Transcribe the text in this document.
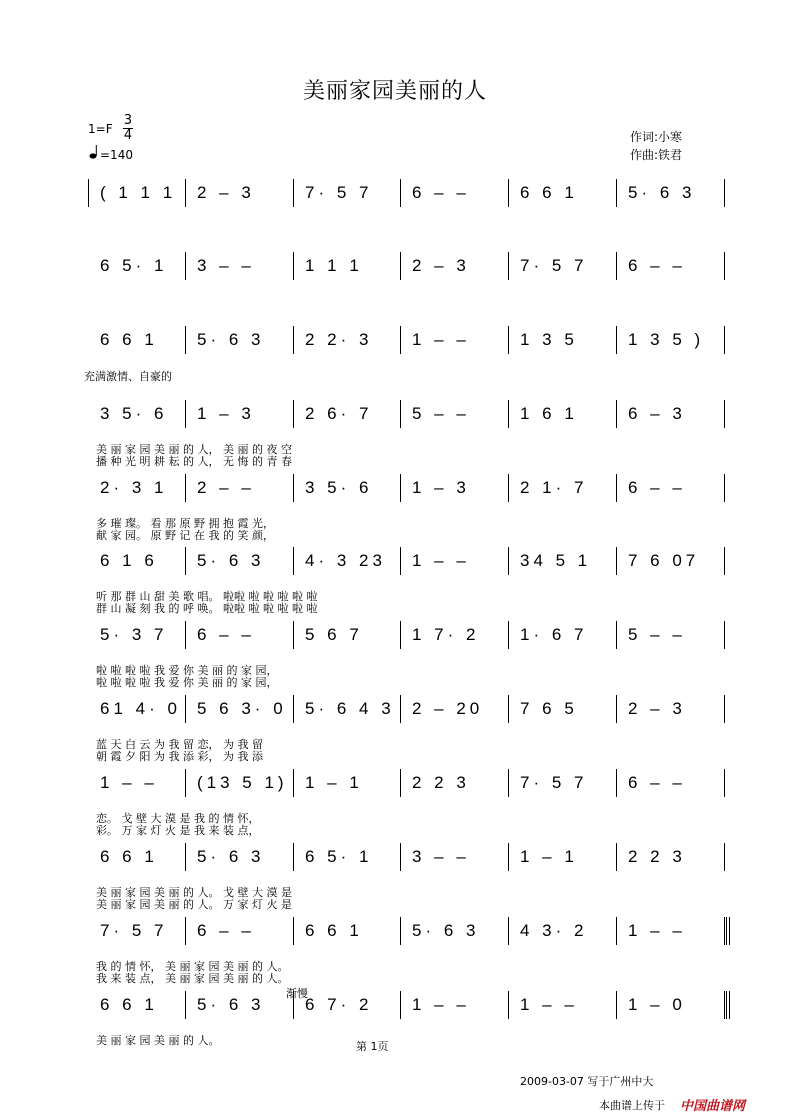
美丽家园美丽的人
1=F
3
4
=140
作词:小寒
作曲:铁君
充满激情、自豪的
( 1 1 1	2 – 3	7· 5 7	6 – –	6 6 1	5· 6 3
6 5· 1	3 – –	1 1 1	2 – 3	7· 5 7	6 – –
6 6 1	5· 6 3	2 2· 3	1 – –	1 3 5	1 3 5 )
3 5· 6	1 – 3	2 6· 7	5 – –	1 6 1	6 – 3
美 丽 家 园 美 丽 的 人， 美 丽 的 夜 空
播 种 光 明 耕 耘 的 人， 无 悔 的 青 春
2· 3 1	2 – –	3 5· 6	1 – 3	2 1· 7	6 – –
多 璀 璨。 看 那 原 野 拥 抱 霞 光，
献 家 园。 原 野 记 在 我 的 笑 颜，
6 1 6	5· 6 3	4· 3 23	1 – –	34 5 1	7 6 07
听 那 群 山 甜 美 歌 唱。 啦啦 啦 啦 啦 啦 啦
群 山 凝 刻 我 的 呼 唤。 啦啦 啦 啦 啦 啦 啦
5· 3 7	6 – –	5 6 7	1 7· 2	1· 6 7	5 – –
啦 啦 啦 啦 我 爱 你 美 丽 的 家 园，
啦 啦 啦 啦 我 爱 你 美 丽 的 家 园，
61 4· 0 5 6 3· 0 5· 6 4 3 2 – 20	7 6 5	2 – 3
蓝 天 白 云 为 我 留 恋， 为 我 留
朝 霞 夕 阳 为 我 添 彩， 为 我 添
1 – –	(13 5 1) 1 – 1	2 2 3	7· 5 7	6 – –
恋。 戈 壁 大 漠 是 我 的 情 怀，
彩。 万 家 灯 火 是 我 来 装 点，
6 6 1	5· 6 3	6 5· 1	3 – –	1 – 1	2 2 3
美 丽 家 园 美 丽 的 人。 戈 壁 大 漠 是
美 丽 家 园 美 丽 的 人。 万 家 灯 火 是
7· 5 7	6 – –	6 6 1	5· 6 3	4 3· 2	1 – –
我 的 情 怀， 美 丽 家 园 美 丽 的 人。
我 来 装 点， 美 丽 家 园 美 丽 的 人。
6 6 1	5· 6 3	6 7· 2	1 – –	1 – –	1 – 0
美 丽 家 园 美 丽 的 人。
渐慢
第 1页
2009-03-07 写于广州中大
本曲谱上传于 中国曲谱网
